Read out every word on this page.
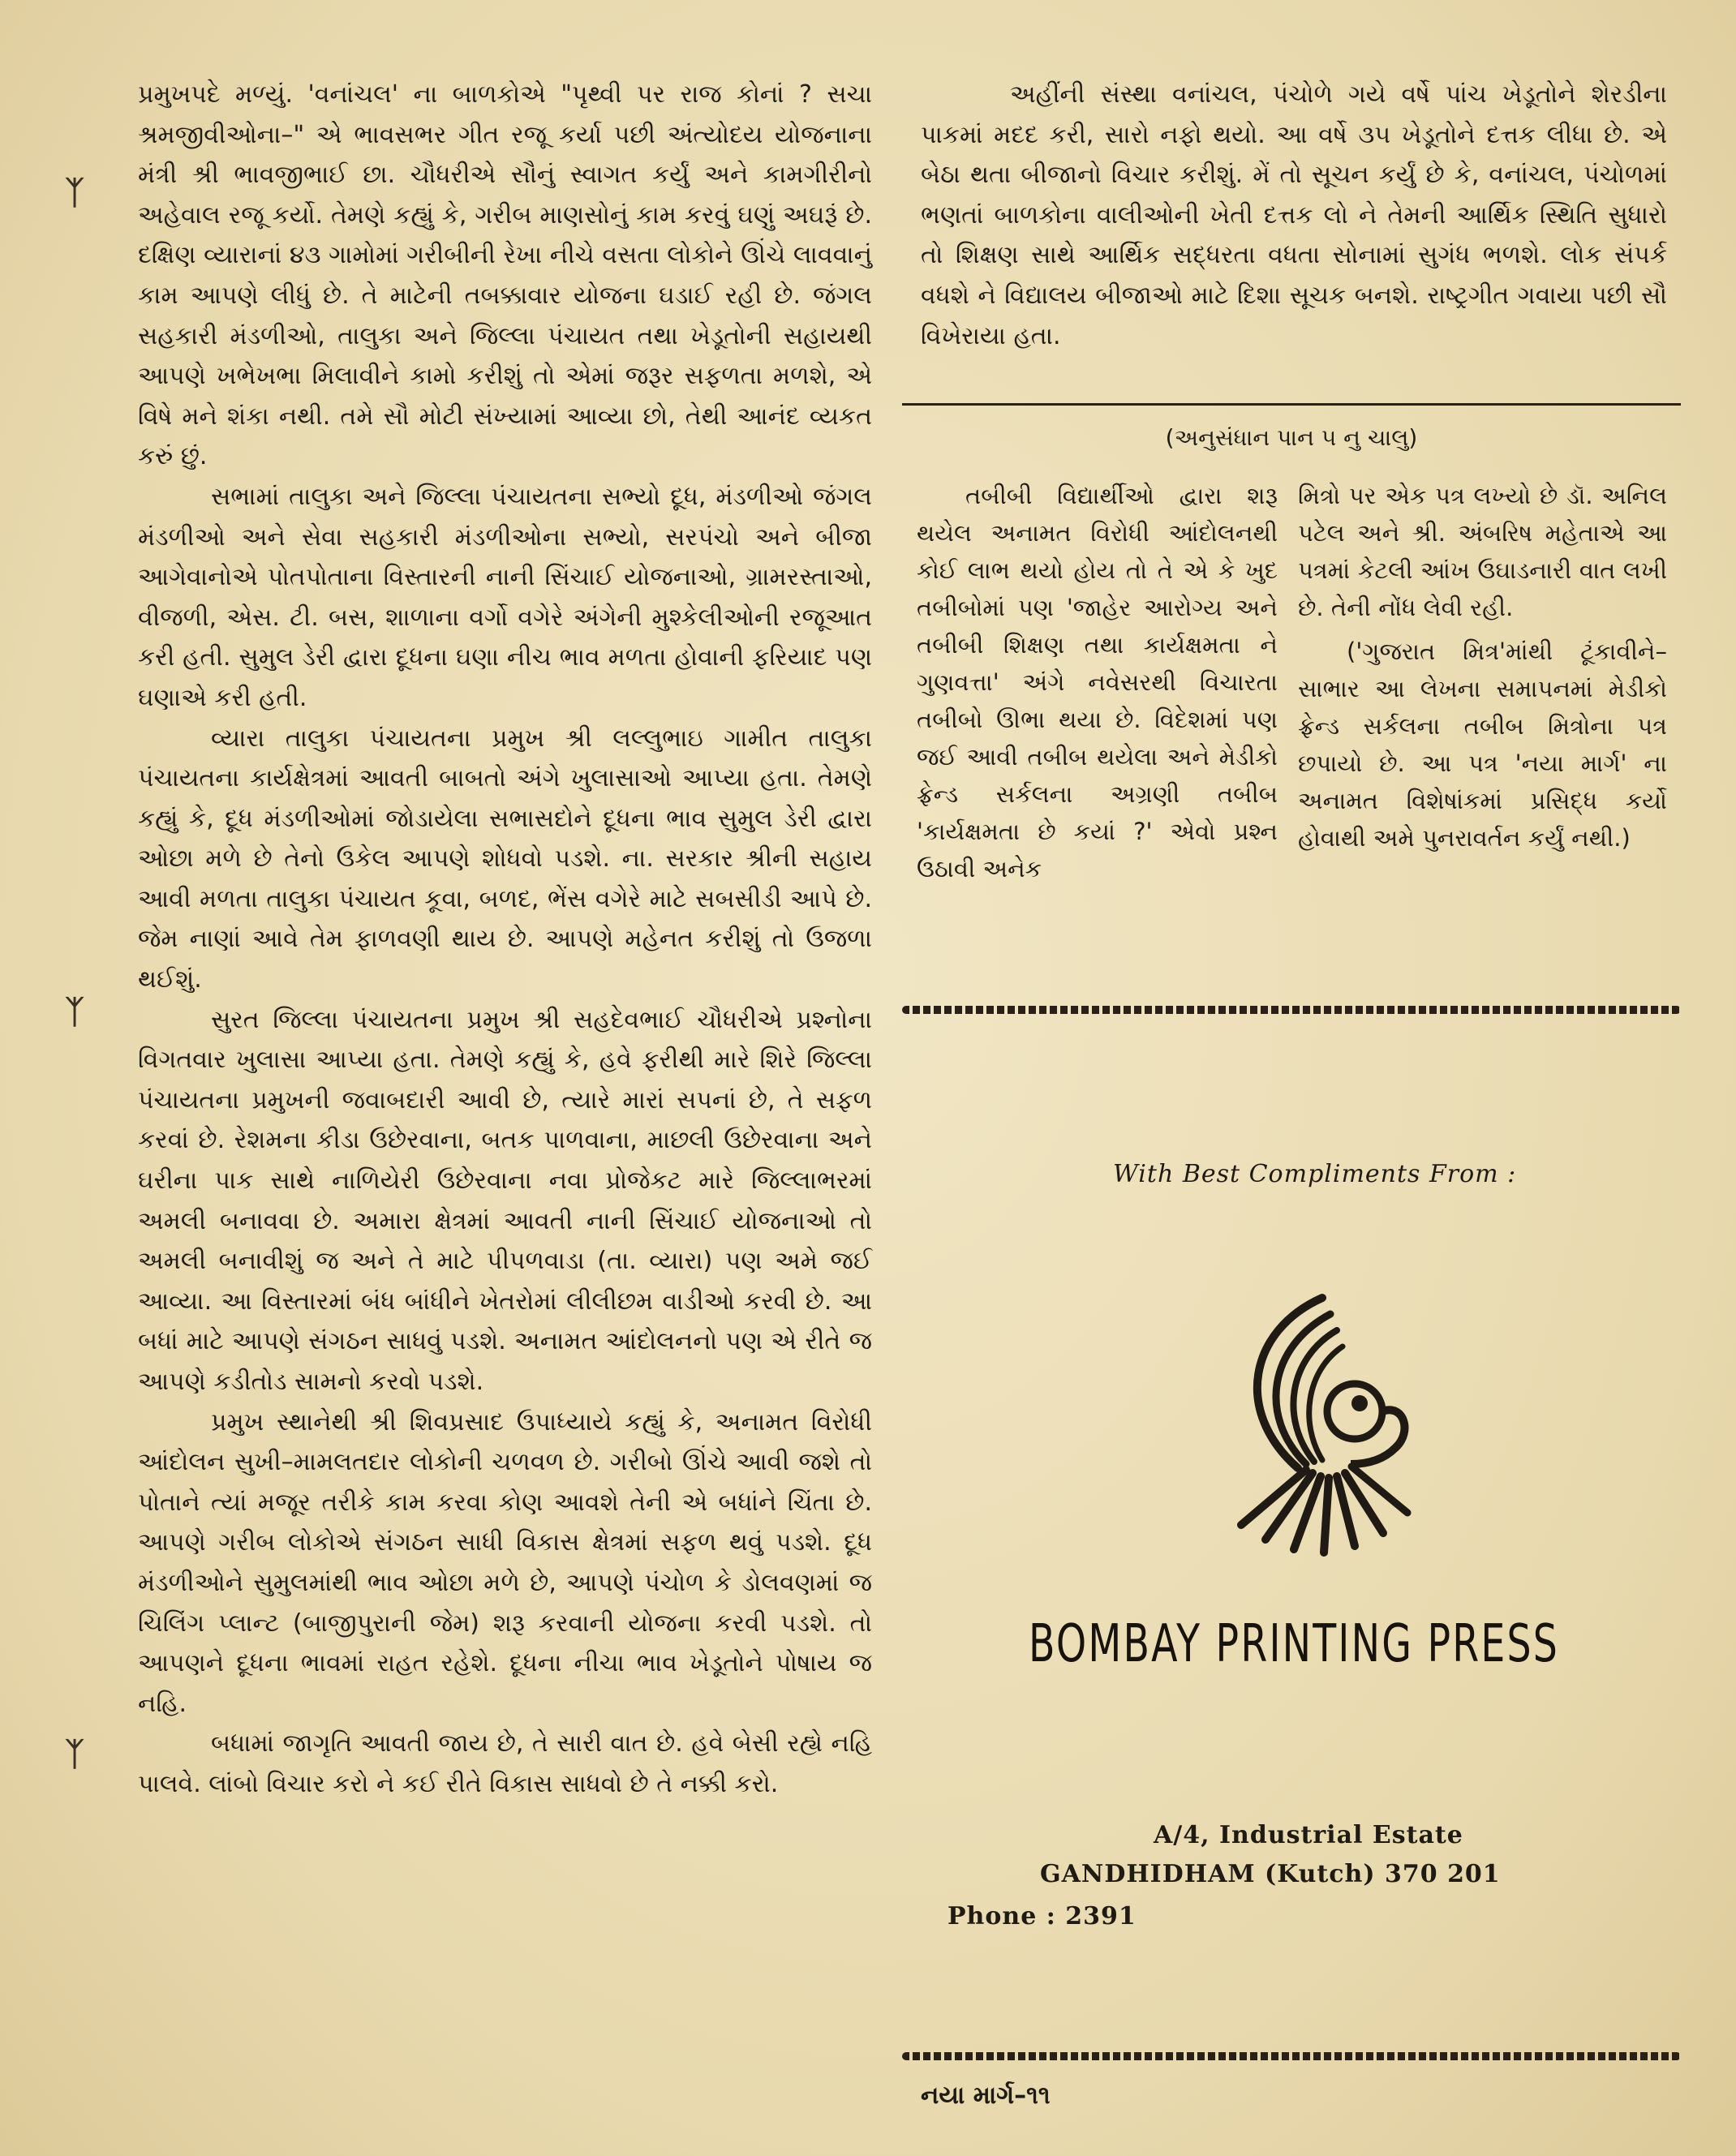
ᛉ
ᛉ
ᛉ

પ્રમુખપદે મળ્યું. 'વનાંચલ' ના બાળકોએ "પૃથ્વી પર રાજ કોનાં ? સચા શ્રમજીવીઓના–" એ ભાવસભર ગીત રજૂ કર્યા પછી અંત્યોદય યોજનાના મંત્રી શ્રી ભાવજીભાઈ છા. ચૌધરીએ સૌનું સ્વાગત કર્યું અને કામગીરીનો અહેવાલ રજૂ કર્યો. તેમણે કહ્યું કે, ગરીબ માણસોનું કામ કરવું ઘણું અઘરૂં છે. દક્ષિણ વ્યારાનાં ૪૩ ગામોમાં ગરીબીની રેખા નીચે વસતા લોકોને ઊંચે લાવવાનું કામ આપણે લીધું છે. તે માટેની તબક્કાવાર યોજના ઘડાઈ રહી છે. જંગલ સહકારી મંડળીઓ, તાલુકા અને જિલ્લા પંચાયત તથા ખેડૂતોની સહાયથી આપણે ખભેખભા મિલાવીને કામો કરીશું તો એમાં જરૂર સફળતા મળશે, એ વિષે મને શંકા નથી. તમે સૌ મોટી સંખ્યામાં આવ્યા છો, તેથી આનંદ વ્યકત કરું છું.

સભામાં તાલુકા અને જિલ્લા પંચાયતના સભ્યો દૂધ, મંડળીઓ જંગલ મંડળીઓ અને સેવા સહકારી મંડળીઓના સભ્યો, સરપંચો અને બીજા આગેવાનોએ પોતપોતાના વિસ્તારની નાની સિંચાઈ યોજનાઓ, ગ્રામરસ્તાઓ, વીજળી, એસ. ટી. બસ, શાળાના વર્ગો વગેરે અંગેની મુશ્કેલીઓની રજૂઆત કરી હતી. સુમુલ ડેરી દ્વારા દૂધના ઘણા નીચ ભાવ મળતા હોવાની ફરિયાદ પણ ઘણાએ કરી હતી.

વ્યારા તાલુકા પંચાયતના પ્રમુખ શ્રી લલ્લુભાઇ ગામીત તાલુકા પંચાયતના કાર્યક્ષેત્રમાં આવતી બાબતો અંગે ખુલાસાઓ આપ્યા હતા. તેમણે કહ્યું કે, દૂધ મંડળીઓમાં જોડાયેલા સભાસદોને દૂધના ભાવ સુમુલ ડેરી દ્વારા ઓછા મળે છે તેનો ઉકેલ આપણે શોધવો પડશે. ના. સરકાર શ્રીની સહાય આવી મળતા તાલુકા પંચાયત કૂવા, બળદ, ભેંસ વગેરે માટે સબસીડી આપે છે. જેમ નાણાં આવે તેમ ફાળવણી થાય છે. આપણે મહેનત કરીશું તો ઉજળા થઈશું.

સુરત જિલ્લા પંચાયતના પ્રમુખ શ્રી સહદેવભાઈ ચૌધરીએ પ્રશ્નોના વિગતવાર ખુલાસા આપ્યા હતા. તેમણે કહ્યું કે, હવે ફરીથી મારે શિરે જિલ્લા પંચાયતના પ્રમુખની જવાબદારી આવી છે, ત્યારે મારાં સપનાં છે, તે સફળ કરવાં છે. રેશમના કીડા ઉછેરવાના, બતક પાળવાના, માછલી ઉછેરવાના અને ઘરીના પાક સાથે નાળિયેરી ઉછેરવાના નવા પ્રોજેકટ મારે જિલ્લાભરમાં અમલી બનાવવા છે. અમારા ક્ષેત્રમાં આવતી નાની સિંચાઈ યોજનાઓ તો અમલી બનાવીશું જ અને તે માટે પીપળવાડા (તા. વ્યારા) પણ અમે જઈ આવ્યા. આ વિસ્તારમાં બંધ બાંધીને ખેતરોમાં લીલીછમ વાડીઓ કરવી છે. આ બધાં માટે આપણે સંગઠન સાધવું પડશે. અનામત આંદોલનનો પણ એ રીતે જ આપણે કડીતોડ સામનો કરવો પડશે.

પ્રમુખ સ્થાનેથી શ્રી શિવપ્રસાદ ઉપાધ્યાયે કહ્યું કે, અનામત વિરોધી આંદોલન સુખી–મામલતદાર લોકોની ચળવળ છે. ગરીબો ઊંચે આવી જશે તો પોતાને ત્યાં મજૂર તરીકે કામ કરવા કોણ આવશે તેની એ બધાંને ચિંતા છે. આપણે ગરીબ લોકોએ સંગઠન સાધી વિકાસ ક્ષેત્રમાં સફળ થવું પડશે. દૂધ મંડળીઓને સુમુલમાંથી ભાવ ઓછા મળે છે, આપણે પંચોળ કે ડોલવણમાં જ ચિલિંગ પ્લાન્ટ (બાજીપુરાની જેમ) શરૂ કરવાની યોજના કરવી પડશે. તો આપણને દૂધના ભાવમાં રાહત રહેશે. દૂધના નીચા ભાવ ખેડૂતોને પોષાય જ નહિ.

બધામાં જાગૃતિ આવતી જાય છે, તે સારી વાત છે. હવે બેસી રહ્યે નહિ પાલવે. લાંબો વિચાર કરો ને કઈ રીતે વિકાસ સાધવો છે તે નક્કી કરો.

અહીંની સંસ્થા વનાંચલ, પંચોળે ગયે વર્ષે પાંચ ખેડૂતોને શેરડીના પાકમાં મદદ કરી, સારો નફો થયો. આ વર્ષે ૩૫ ખેડૂતોને દત્તક લીધા છે. એ બેઠા થતા બીજાનો વિચાર કરીશું. મેં તો સૂચન કર્યું છે કે, વનાંચલ, પંચોળમાં ભણતાં બાળકોના વાલીઓની ખેતી દત્તક લો ને તેમની આર્થિક સ્થિતિ સુધારો તો શિક્ષણ સાથે આર્થિક સદ્ધરતા વધતા સોનામાં સુગંધ ભળશે. લોક સંપર્ક વધશે ને વિદ્યાલય બીજાઓ માટે દિશા સૂચક બનશે. રાષ્ટ્રગીત ગવાયા પછી સૌ વિખેરાયા હતા.

(અનુસંધાન પાન ૫ નુ ચાલુ)

તબીબી વિદ્યાર્થીઓ દ્વારા શરૂ થયેલ અનામત વિરોધી આંદોલનથી કોઈ લાભ થયો હોય તો તે એ કે ખુદ તબીબોમાં પણ 'જાહેર આરોગ્ય અને તબીબી શિક્ષણ તથા કાર્યક્ષમતા ને ગુણવત્તા' અંગે નવેસરથી વિચારતા તબીબો ઊભા થયા છે. વિદેશમાં પણ જઈ આવી તબીબ થયેલા અને મેડીકો ફ્રેન્ડ સર્કલના અગ્રણી તબીબ 'કાર્યક્ષમતા છે કયાં ?' એવો પ્રશ્ન ઉઠાવી અનેક

મિત્રો પર એક પત્ર લખ્યો છે ડૉ. અનિલ પટેલ અને શ્રી. અંબરિષ મહેતાએ આ પત્રમાં કેટલી આંખ ઉઘાડનારી વાત લખી છે. તેની નોંધ લેવી રહી.

('ગુજરાત મિત્ર'માંથી ટૂંકાવીને–સાભાર આ લેખના સમાપનમાં મેડીકો ફ્રેન્ડ સર્કલના તબીબ મિત્રોના પત્ર છપાયો છે. આ પત્ર 'નયા માર્ગ' ના અનામત વિશેષાંકમાં પ્રસિદ્ધ કર્યો હોવાથી અમે પુનરાવર્તન કર્યું નથી.)

With Best Compliments From :
BOMBAY PRINTING PRESS
A/4, Industrial Estate
GANDHIDHAM (Kutch) 370 201
Phone : 2391
નયા માર્ગ–૧૧
